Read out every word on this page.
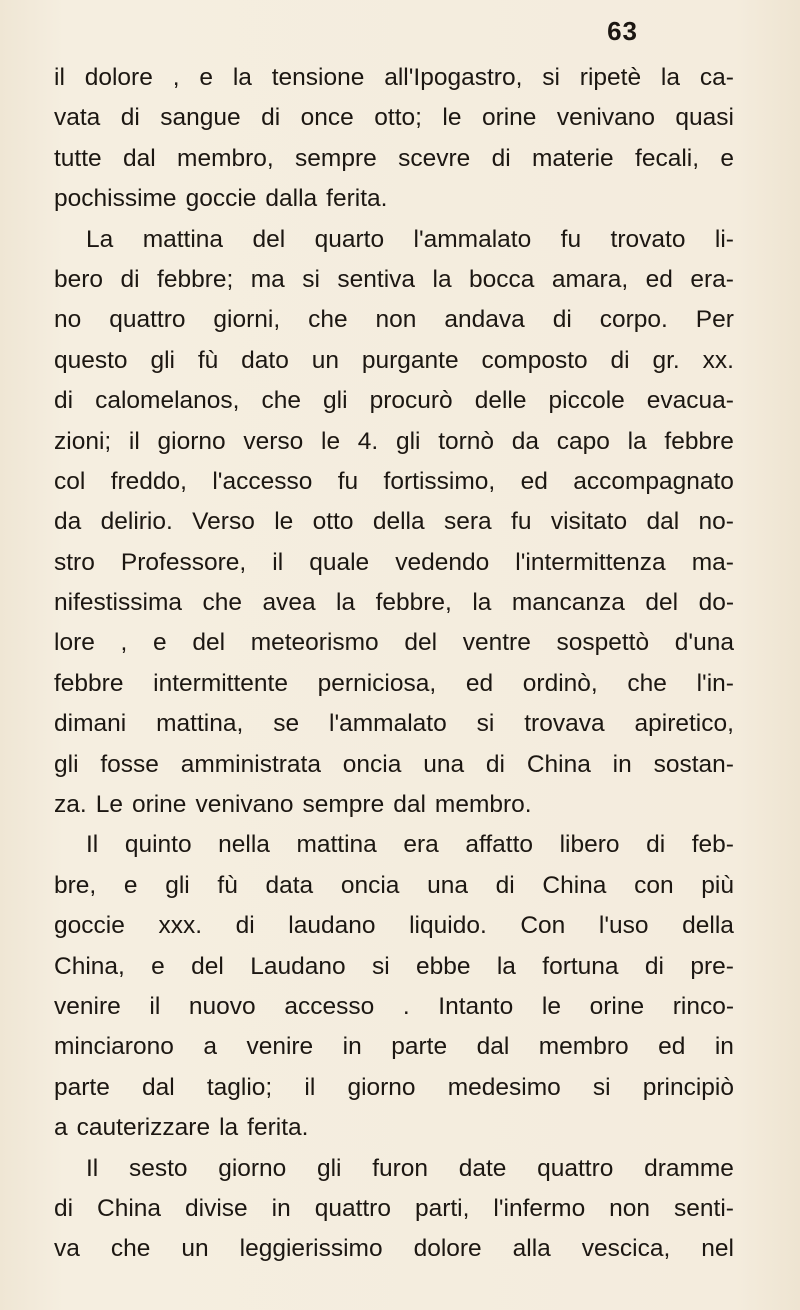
63
il dolore , e la tensione all'Ipogastro, si ripetè la ca-
vata di sangue di once otto; le orine venivano quasi
tutte dal membro, sempre scevre di materie fecali, e
pochissime goccie dalla ferita.
La mattina del quarto l'ammalato fu trovato li-
bero di febbre; ma si sentiva la bocca amara, ed era-
no quattro giorni, che non andava di corpo. Per
questo gli fù dato un purgante composto di gr. xx.
di calomelanos, che gli procurò delle piccole evacua-
zioni; il giorno verso le 4. gli tornò da capo la febbre
col freddo, l'accesso fu fortissimo, ed accompagnato
da delirio. Verso le otto della sera fu visitato dal no-
stro Professore, il quale vedendo l'intermittenza ma-
nifestissima che avea la febbre, la mancanza del do-
lore , e del meteorismo del ventre sospettò d'una
febbre intermittente perniciosa, ed ordinò, che l'in-
dimani mattina, se l'ammalato si trovava apiretico,
gli fosse amministrata oncia una di China in sostan-
za. Le orine venivano sempre dal membro.
Il quinto nella mattina era affatto libero di feb-
bre, e gli fù data oncia una di China con più
goccie xxx. di laudano liquido. Con l'uso della
China, e del Laudano si ebbe la fortuna di pre-
venire il nuovo accesso . Intanto le orine rinco-
minciarono a venire in parte dal membro ed in
parte dal taglio; il giorno medesimo si principiò
a cauterizzare la ferita.
Il sesto giorno gli furon date quattro dramme
di China divise in quattro parti, l'infermo non senti-
va che un leggierissimo dolore alla vescica, nel
